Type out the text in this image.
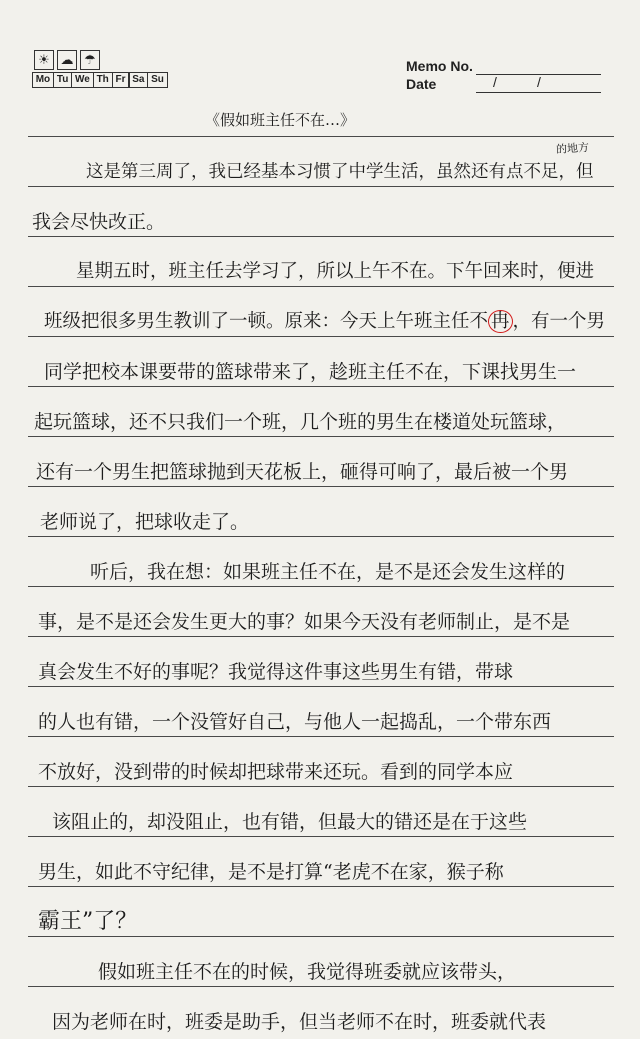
☀ ☁ ☂
Mo Tu We Th Fr Sa Su
Memo No.
Date	/	/
《假如班主任不在…》
的地方
这是第三周了，我已经基本习惯了中学生活，虽然还有点不足，但
我会尽快改正。
星期五时，班主任去学习了，所以上午不在。下午回来时，便进
班级把很多男生教训了一顿。原来：今天上午班主任不 冉 ，有一个男
同学把校本课要带的篮球带来了，趁班主任不在，下课找男生一
起玩篮球，还不只我们一个班，几个班的男生在楼道处玩篮球，
还有一个男生把篮球抛到天花板上，砸得可响了，最后被一个男
老师说了，把球收走了。
听后，我在想：如果班主任不在，是不是还会发生这样的
事，是不是还会发生更大的事？如果今天没有老师制止，是不是
真会发生不好的事呢？我觉得这件事这些男生有错，带球
的人也有错，一个没管好自己，与他人一起捣乱，一个带东西
不放好，没到带的时候却把球带来还玩。看到的同学本应
该阻止的，却没阻止，也有错，但最大的错还是在于这些
男生，如此不守纪律，是不是打算“老虎不在家，猴子称
霸王”了？
假如班主任不在的时候，我觉得班委就应该带头，
因为老师在时，班委是助手，但当老师不在时，班委就代表
